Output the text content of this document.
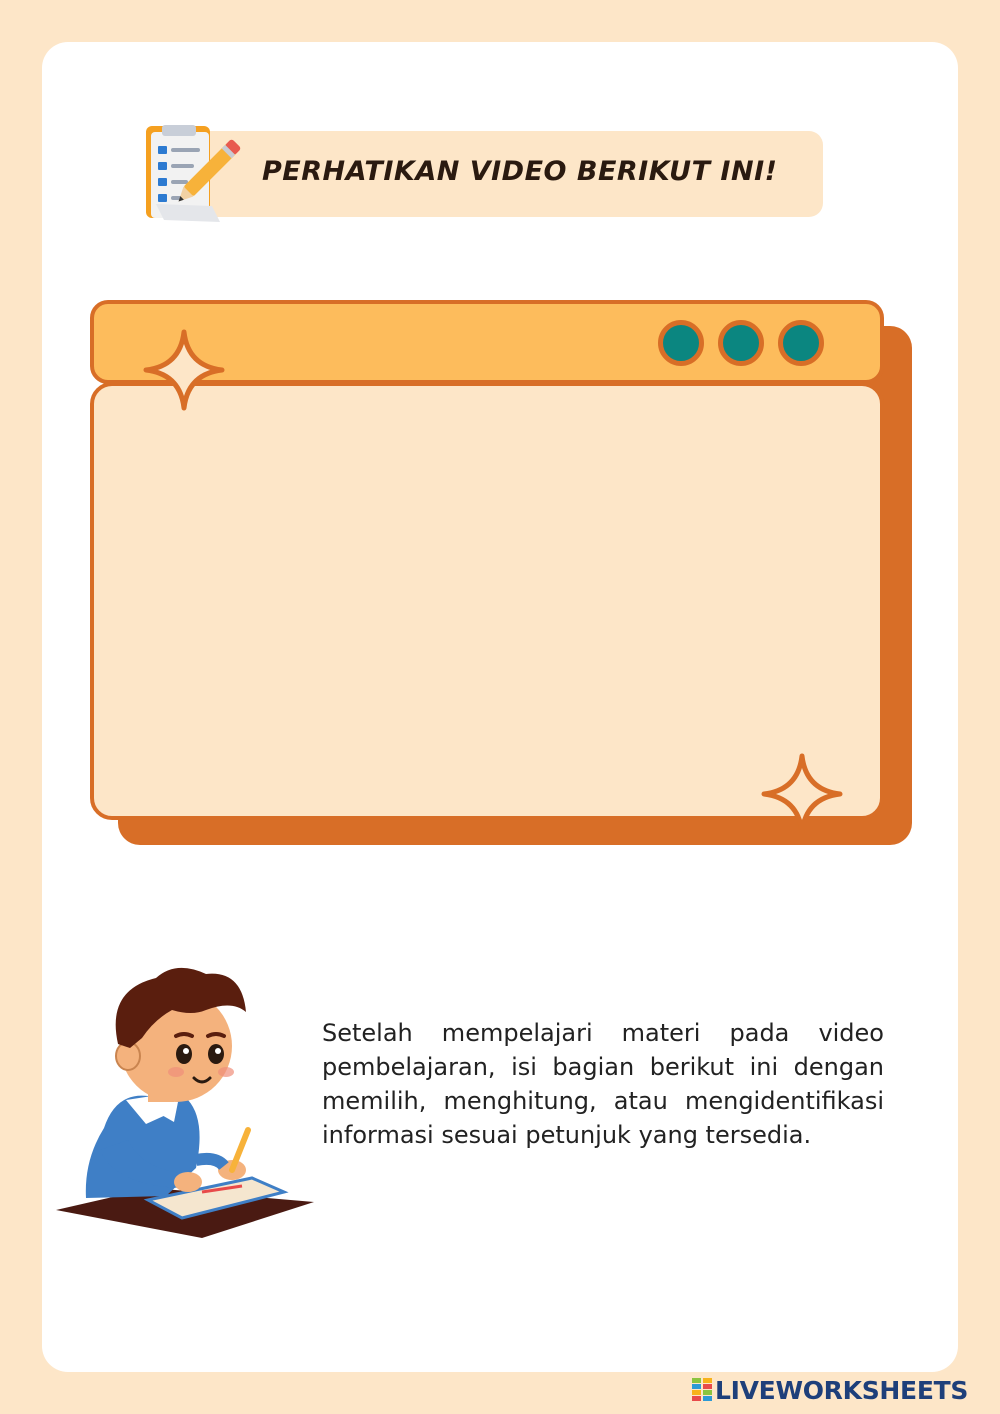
PERHATIKAN VIDEO BERIKUT INI!

Setelah mempelajari materi pada video pembelajaran, isi bagian berikut ini dengan memilih, menghitung, atau mengidentifikasi informasi sesuai petunjuk yang tersedia.

LIVEWORKSHEETS
